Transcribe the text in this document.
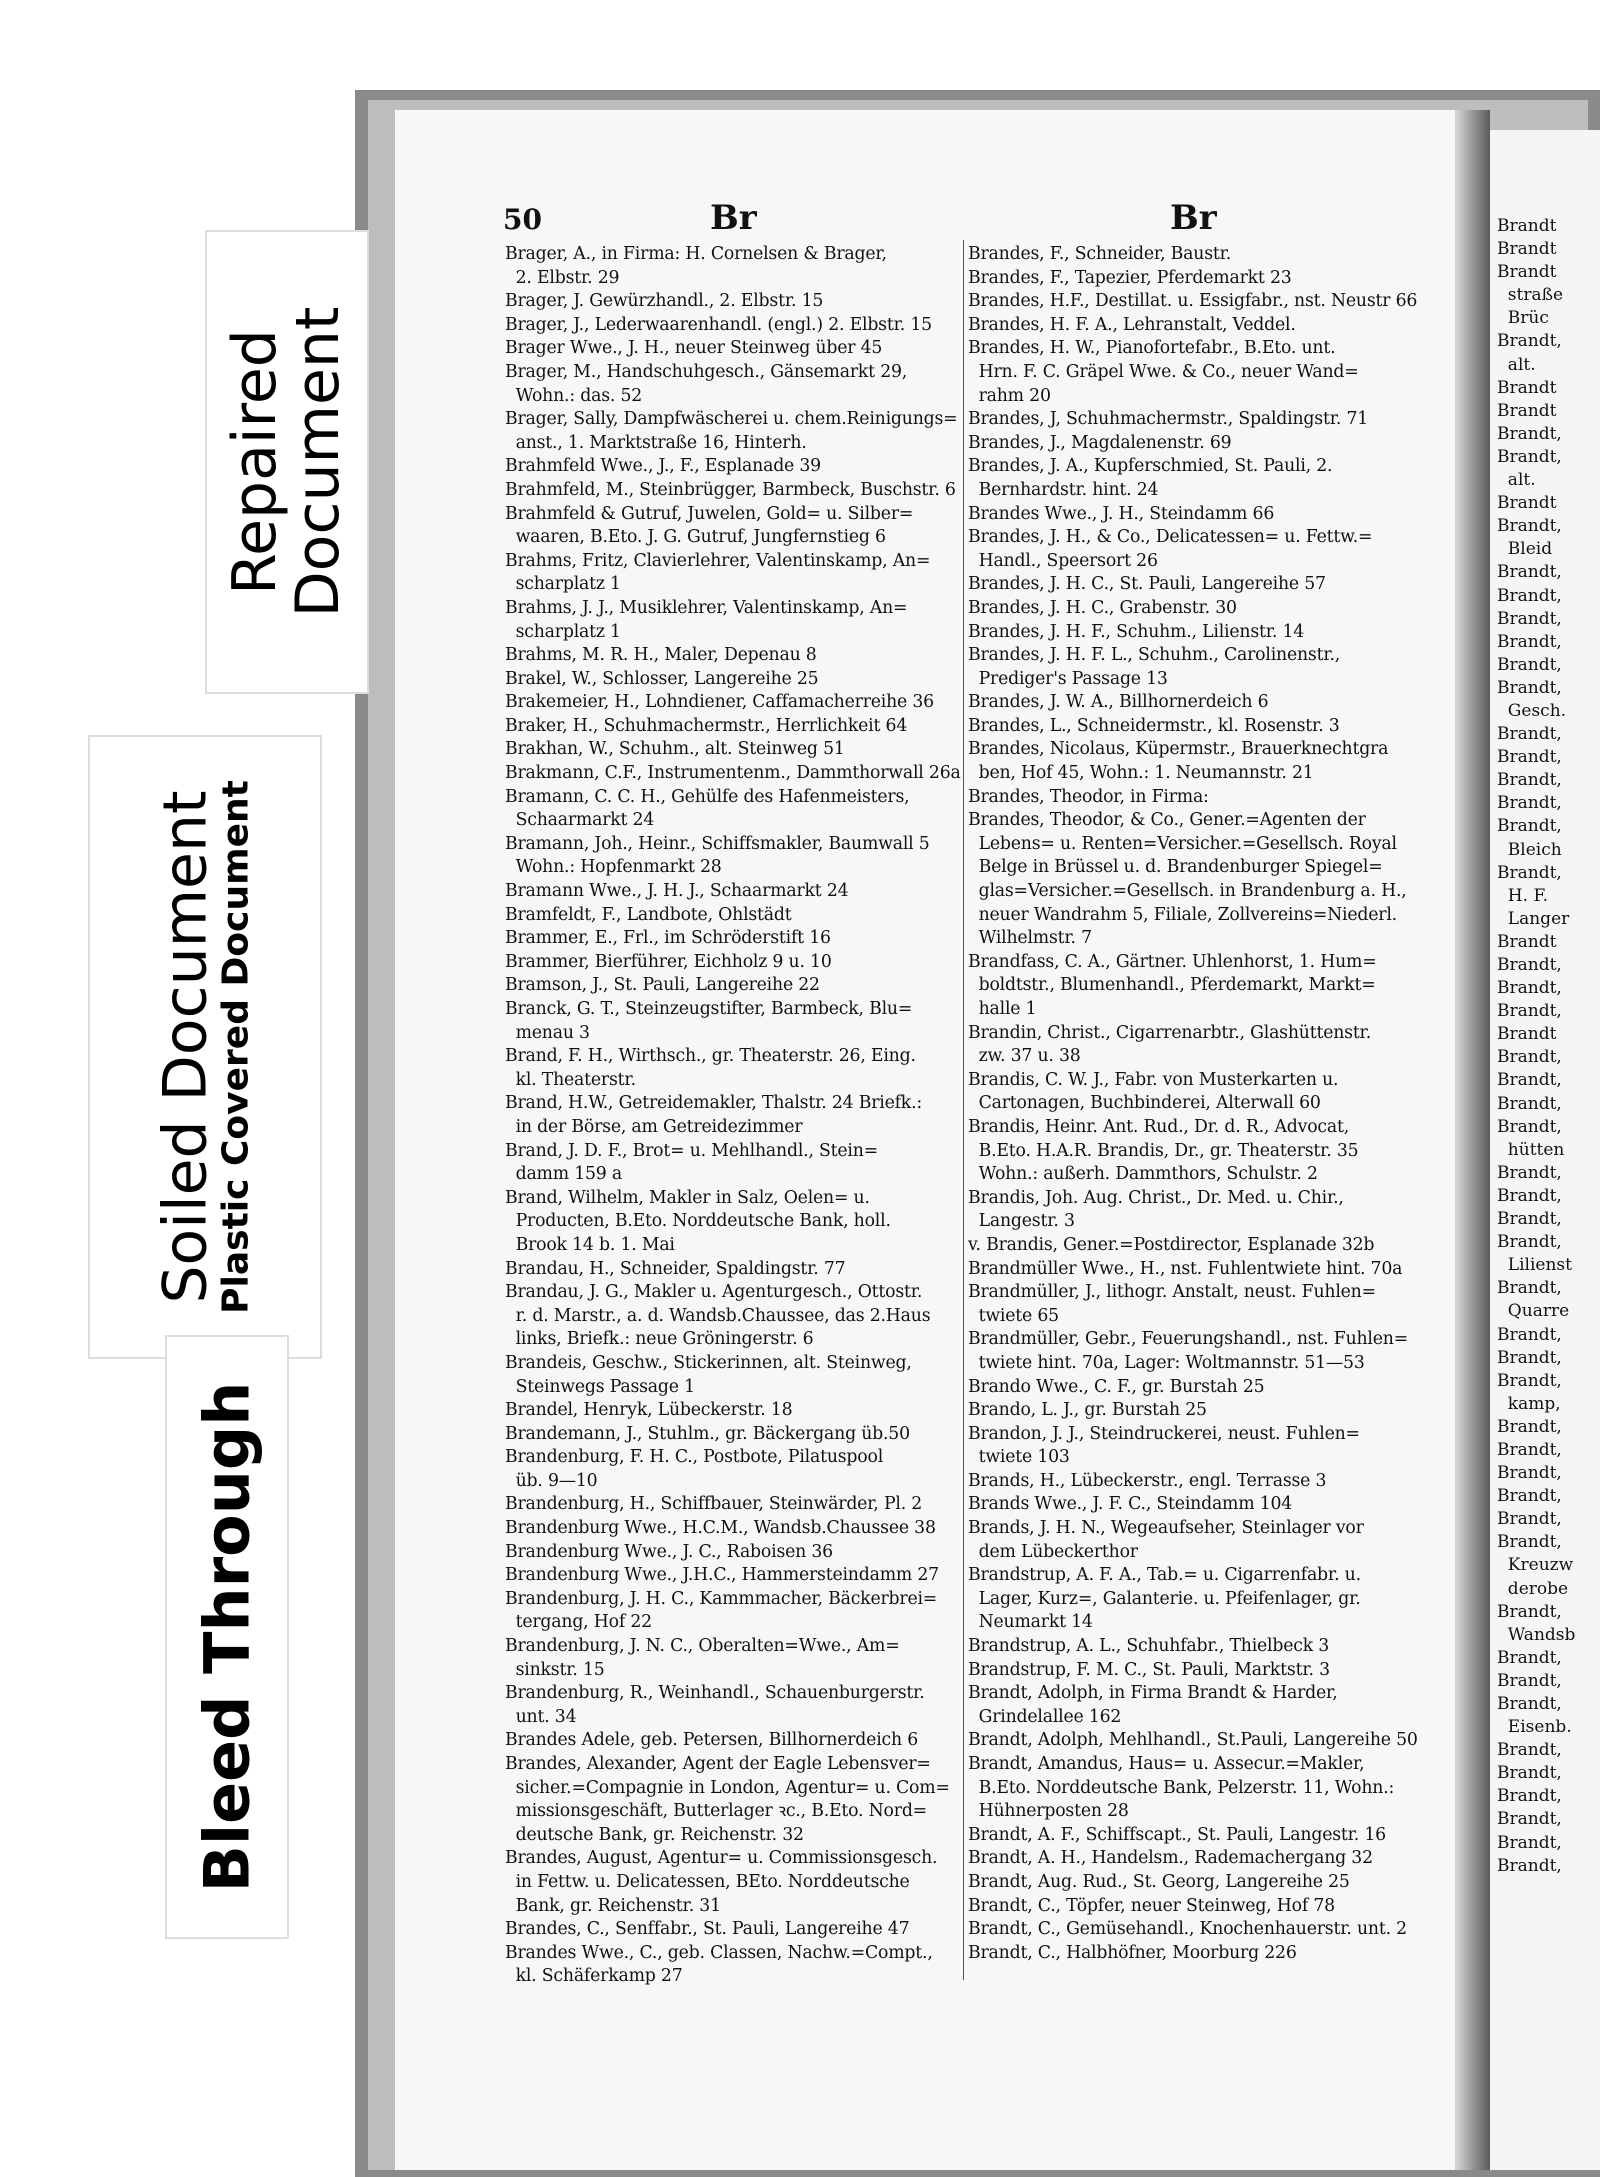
Repaired
Document
Soiled Document
Plastic Covered Document
Bleed Through
50	Br	Br
Brager, A., in Firma: H. Cornelsen & Brager,
2. Elbstr. 29
Brager, J. Gewürzhandl., 2. Elbstr. 15
Brager, J., Lederwaarenhandl. (engl.) 2. Elbstr. 15
Brager Wwe., J. H., neuer Steinweg über 45
Brager, M., Handschuhgesch., Gänsemarkt 29,
Wohn.: das. 52
Brager, Sally, Dampfwäscherei u. chem.Reinigungs=
anst., 1. Marktstraße 16, Hinterh.
Brahmfeld Wwe., J., F., Esplanade 39
Brahmfeld, M., Steinbrügger, Barmbeck, Buschstr. 6
Brahmfeld & Gutruf, Juwelen, Gold= u. Silber=
waaren, B.Eto. J. G. Gutruf, Jungfernstieg 6
Brahms, Fritz, Clavierlehrer, Valentinskamp, An=
scharplatz 1
Brahms, J. J., Musiklehrer, Valentinskamp, An=
scharplatz 1
Brahms, M. R. H., Maler, Depenau 8
Brakel, W., Schlosser, Langereihe 25
Brakemeier, H., Lohndiener, Caffamacherreihe 36
Braker, H., Schuhmachermstr., Herrlichkeit 64
Brakhan, W., Schuhm., alt. Steinweg 51
Brakmann, C.F., Instrumentenm., Dammthorwall 26a
Bramann, C. C. H., Gehülfe des Hafenmeisters,
Schaarmarkt 24
Bramann, Joh., Heinr., Schiffsmakler, Baumwall 5
Wohn.: Hopfenmarkt 28
Bramann Wwe., J. H. J., Schaarmarkt 24
Bramfeldt, F., Landbote, Ohlstädt
Brammer, E., Frl., im Schröderstift 16
Brammer, Bierführer, Eichholz 9 u. 10
Bramson, J., St. Pauli, Langereihe 22
Branck, G. T., Steinzeugstifter, Barmbeck, Blu=
menau 3
Brand, F. H., Wirthsch., gr. Theaterstr. 26, Eing.
kl. Theaterstr.
Brand, H.W., Getreidemakler, Thalstr. 24 Briefk.:
in der Börse, am Getreidezimmer
Brand, J. D. F., Brot= u. Mehlhandl., Stein=
damm 159 a
Brand, Wilhelm, Makler in Salz, Oelen= u.
Producten, B.Eto. Norddeutsche Bank, holl.
Brook 14 b. 1. Mai
Brandau, H., Schneider, Spaldingstr. 77
Brandau, J. G., Makler u. Agenturgesch., Ottostr.
r. d. Marstr., a. d. Wandsb.Chaussee, das 2.Haus
links, Briefk.: neue Gröningerstr. 6
Brandeis, Geschw., Stickerinnen, alt. Steinweg,
Steinwegs Passage 1
Brandel, Henryk, Lübeckerstr. 18
Brandemann, J., Stuhlm., gr. Bäckergang üb.50
Brandenburg, F. H. C., Postbote, Pilatuspool
üb. 9—10
Brandenburg, H., Schiffbauer, Steinwärder, Pl. 2
Brandenburg Wwe., H.C.M., Wandsb.Chaussee 38
Brandenburg Wwe., J. C., Raboisen 36
Brandenburg Wwe., J.H.C., Hammersteindamm 27
Brandenburg, J. H. C., Kammmacher, Bäckerbrei=
tergang, Hof 22
Brandenburg, J. N. C., Oberalten=Wwe., Am=
sinkstr. 15
Brandenburg, R., Weinhandl., Schauenburgerstr.
unt. 34
Brandes Adele, geb. Petersen, Billhornerdeich 6
Brandes, Alexander, Agent der Eagle Lebensver=
sicher.=Compagnie in London, Agentur= u. Com=
missionsgeschäft, Butterlager ꝛc., B.Eto. Nord=
deutsche Bank, gr. Reichenstr. 32
Brandes, August, Agentur= u. Commissionsgesch.
in Fettw. u. Delicatessen, BEto. Norddeutsche
Bank, gr. Reichenstr. 31
Brandes, C., Senffabr., St. Pauli, Langereihe 47
Brandes Wwe., C., geb. Classen, Nachw.=Compt.,
kl. Schäferkamp 27
Brandes, F., Schneider, Baustr.
Brandes, F., Tapezier, Pferdemarkt 23
Brandes, H.F., Destillat. u. Essigfabr., nst. Neustr 66
Brandes, H. F. A., Lehranstalt, Veddel.
Brandes, H. W., Pianofortefabr., B.Eto. unt.
Hrn. F. C. Gräpel Wwe. & Co., neuer Wand=
rahm 20
Brandes, J, Schuhmachermstr., Spaldingstr. 71
Brandes, J., Magdalenenstr. 69
Brandes, J. A., Kupferschmied, St. Pauli, 2.
Bernhardstr. hint. 24
Brandes Wwe., J. H., Steindamm 66
Brandes, J. H., & Co., Delicatessen= u. Fettw.=
Handl., Speersort 26
Brandes, J. H. C., St. Pauli, Langereihe 57
Brandes, J. H. C., Grabenstr. 30
Brandes, J. H. F., Schuhm., Lilienstr. 14
Brandes, J. H. F. L., Schuhm., Carolinenstr.,
Prediger's Passage 13
Brandes, J. W. A., Billhornerdeich 6
Brandes, L., Schneidermstr., kl. Rosenstr. 3
Brandes, Nicolaus, Küpermstr., Brauerknechtgra
ben, Hof 45, Wohn.: 1. Neumannstr. 21
Brandes, Theodor, in Firma:
Brandes, Theodor, & Co., Gener.=Agenten der
Lebens= u. Renten=Versicher.=Gesellsch. Royal
Belge in Brüssel u. d. Brandenburger Spiegel=
glas=Versicher.=Gesellsch. in Brandenburg a. H.,
neuer Wandrahm 5, Filiale, Zollvereins=Niederl.
Wilhelmstr. 7
Brandfass, C. A., Gärtner. Uhlenhorst, 1. Hum=
boldtstr., Blumenhandl., Pferdemarkt, Markt=
halle 1
Brandin, Christ., Cigarrenarbtr., Glashüttenstr.
zw. 37 u. 38
Brandis, C. W. J., Fabr. von Musterkarten u.
Cartonagen, Buchbinderei, Alterwall 60
Brandis, Heinr. Ant. Rud., Dr. d. R., Advocat,
B.Eto. H.A.R. Brandis, Dr., gr. Theaterstr. 35
Wohn.: außerh. Dammthors, Schulstr. 2
Brandis, Joh. Aug. Christ., Dr. Med. u. Chir.,
Langestr. 3
v. Brandis, Gener.=Postdirector, Esplanade 32b
Brandmüller Wwe., H., nst. Fuhlentwiete hint. 70a
Brandmüller, J., lithogr. Anstalt, neust. Fuhlen=
twiete 65
Brandmüller, Gebr., Feuerungshandl., nst. Fuhlen=
twiete hint. 70a, Lager: Woltmannstr. 51—53
Brando Wwe., C. F., gr. Burstah 25
Brando, L. J., gr. Burstah 25
Brandon, J. J., Steindruckerei, neust. Fuhlen=
twiete 103
Brands, H., Lübeckerstr., engl. Terrasse 3
Brands Wwe., J. F. C., Steindamm 104
Brands, J. H. N., Wegeaufseher, Steinlager vor
dem Lübeckerthor
Brandstrup, A. F. A., Tab.= u. Cigarrenfabr. u.
Lager, Kurz=, Galanterie. u. Pfeifenlager, gr.
Neumarkt 14
Brandstrup, A. L., Schuhfabr., Thielbeck 3
Brandstrup, F. M. C., St. Pauli, Marktstr. 3
Brandt, Adolph, in Firma Brandt & Harder,
Grindelallee 162
Brandt, Adolph, Mehlhandl., St.Pauli, Langereihe 50
Brandt, Amandus, Haus= u. Assecur.=Makler,
B.Eto. Norddeutsche Bank, Pelzerstr. 11, Wohn.:
Hühnerposten 28
Brandt, A. F., Schiffscapt., St. Pauli, Langestr. 16
Brandt, A. H., Handelsm., Rademachergang 32
Brandt, Aug. Rud., St. Georg, Langereihe 25
Brandt, C., Töpfer, neuer Steinweg, Hof 78
Brandt, C., Gemüsehandl., Knochenhauerstr. unt. 2
Brandt, C., Halbhöfner, Moorburg 226
Brandt
Brandt
Brandt
straße
Brüc
Brandt,
alt.
Brandt
Brandt
Brandt,
Brandt,
alt.
Brandt
Brandt,
Bleid
Brandt,
Brandt,
Brandt,
Brandt,
Brandt,
Brandt,
Gesch.
Brandt,
Brandt,
Brandt,
Brandt,
Brandt,
Bleich
Brandt,
H. F.
Langer
Brandt
Brandt,
Brandt,
Brandt,
Brandt
Brandt,
Brandt,
Brandt,
Brandt,
hütten
Brandt,
Brandt,
Brandt,
Brandt,
Lilienst
Brandt,
Quarre
Brandt,
Brandt,
Brandt,
kamp,
Brandt,
Brandt,
Brandt,
Brandt,
Brandt,
Brandt,
Kreuzw
derobe
Brandt,
Wandsb
Brandt,
Brandt,
Brandt,
Eisenb.
Brandt,
Brandt,
Brandt,
Brandt,
Brandt,
Brandt,
